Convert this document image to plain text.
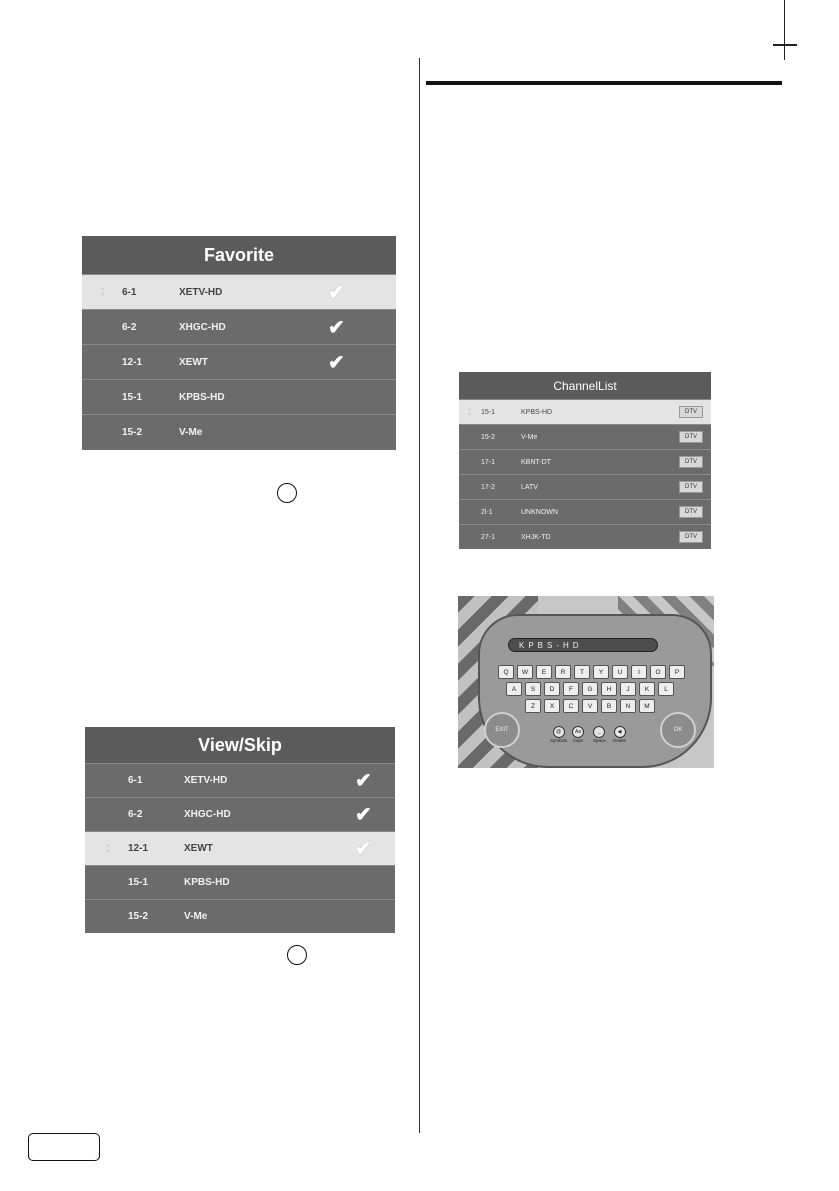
Favorite
▲
▼ 6-1	XETV-HD	✔
6-2	XHGC-HD	✔
12-1	XEWT	✔
15-1	KPBS-HD
15-2	V-Me
View/Skip
6-1	XETV-HD	✔
6-2	XHGC-HD	✔
▲
▼ 12-1	XEWT	✔
15-1	KPBS-HD
15-2	V-Me
ChannelList
▲
▼ 15-1	KPBS-HD	DTV
15-2	V-Me	DTV
17-1	KBNT-DT	DTV
17-2	LATV	DTV
2l-1	UNKNOWN	DTV
27-1	XHJK-TD	DTV
KPBS-HD
Q	W	E	R	T	Y	U	I	O	P
A	S	D	F	G	H	J	K	L
Z	X	C	V	B	N	M
EXIT	OK
@
Symbols
Aa
Caps
_
Space
◀
Delete
